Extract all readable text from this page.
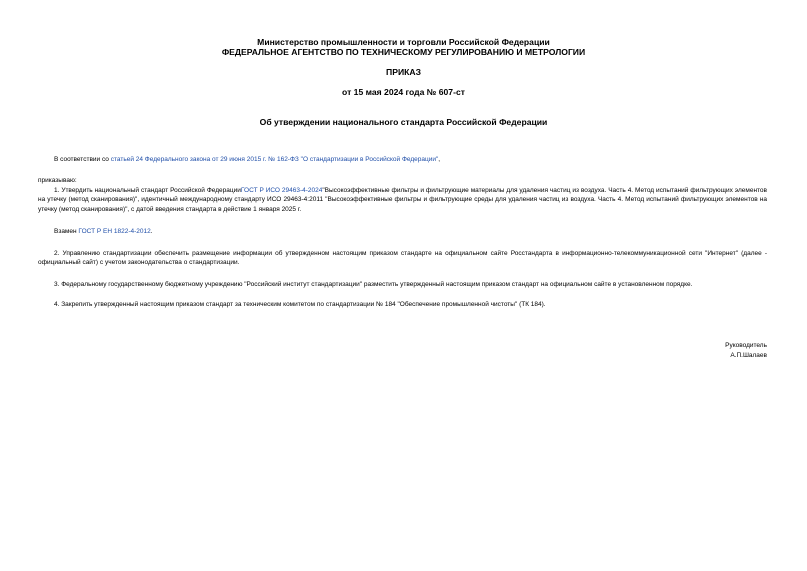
Министерство промышленности и торговли Российской Федерации
ФЕДЕРАЛЬНОЕ АГЕНТСТВО ПО ТЕХНИЧЕСКОМУ РЕГУЛИРОВАНИЮ И МЕТРОЛОГИИ
ПРИКАЗ
от 15 мая 2024 года № 607-ст
Об утверждении национального стандарта Российской Федерации
В соответствии со статьей 24 Федерального закона от 29 июня 2015 г. № 162-ФЗ "О стандартизации в Российской Федерации",
приказываю:
1. Утвердить национальный стандарт Российской ФедерацииГОСТ Р ИСО 29463-4-2024"Высокоэффективные фильтры и фильтрующие материалы для удаления частиц из воздуха. Часть 4. Метод испытаний фильтрующих элементов на утечку (метод сканирования)", идентичный международному стандарту ИСО 29463-4:2011 "Высокоэффективные фильтры и фильтрующие среды для удаления частиц из воздуха. Часть 4. Метод испытаний фильтрующих элементов на утечку (метод сканирования)", с датой введения стандарта в действие 1 января 2025 г.
Взамен ГОСТ Р ЕН 1822-4-2012.
2. Управлению стандартизации обеспечить размещение информации об утвержденном настоящим приказом стандарте на официальном сайте Росстандарта в информационно-телекоммуникационной сети "Интернет" (далее - официальный сайт) с учетом законодательства о стандартизации.
3. Федеральному государственному бюджетному учреждению "Российский институт стандартизации" разместить утвержденный настоящим приказом стандарт на официальном сайте в установленном порядке.
4. Закрепить утвержденный настоящим приказом стандарт за техническим комитетом по стандартизации № 184 "Обеспечение промышленной чистоты" (ТК 184).
Руководитель
А.П.Шалаев
